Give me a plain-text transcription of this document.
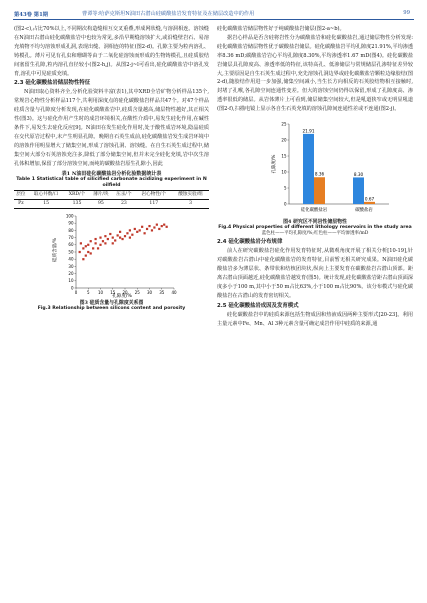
第43卷 第1期	曹谭等:哈萨克斯坦N油田古潜山硅碳酸盐岩发育特征及在储层改造中的作用	99

(图2-c),占比70%以上,不同期次构造缝相互交叉重叠,形成网状缝,与溶洞相连。溶蚀缝在N油田古潜山硅化碳酸盐岩中也较为常见,多沿早期缝溶蚀扩大,或沿缝壁岩石、易溶充填物不均匀溶蚀形成孔洞,表现出缝、洞相连的特征(图2-d)。孔隙主要为粒内溶孔、铸模孔。薄片可见有孔虫和珊瑚等由于二氧化硅溶蚀而形成的生物铸模孔,且硅质胶结间塞留生孔隙,粒内溶孔直径较小(图2-h,j)。从图2-j~l可看出,硅化碳酸盐岩中溶孔发育,溶孔中可见硅质充填。

2.3 硅化碳酸盐岩储层物性特征

N油田取心资料齐全,分析化验资料丰富(表1),其中XRD全岩矿物分析样品135个,常规岩心物性分析样品117个,共利用深度点的硅化碳酸盐岩样品共47个。对47个样品硅质含量与孔隙度分析发现,在硅化碳酸盐岩中,硅质含量越高,储层物性越好,其正相关性(图3)。这与硅化作用产生时的成岩环境相关,在酸性介质中,易发生硅化作用,在碱性条件下,易发生去硅化反应[9]。N油田在发生硅化作用时,处于酸性成岩环境,隐晶硅质在交代原岩过程中,未产生明显孔隙。晚期自石英生成前,硅化碳酸盐岩发生成岩环境中的溶蚀作用明显增大了储集空间,形成了溶蚀孔洞、溶蚀缝。在自生石英生成过程中,储集空间大部分石英溶蚀充注多,降低了部分储集空间,但并未完全硅化充填,岩中次生溶孔体积增加,保留了部分溶蚀空间,而纯的碳酸盐岩原生孔隙小,因此

表1 N油田硅化碳酸盐岩分析化验数据统计表
Table 1 Statistical table of silicified carbonate acidizing experiment in N oilfield
层位	取心井数/口	XRD/个	薄片/块	压汞/个	岩心物性/个	酸蚀实验/组
Pz	15	135	95	23	117	3
0 5 10 15 20 25 30 35 40
0
10
20
30
40
50
60
70
80
90
100
硅质含量/%
孔隙度/%
图3 硅质含量与孔隙度关系图
Fig.3 Relationship between silicons content and porosity

硅化碳酸盐岩储层物性好于纯碳酸盐岩储层(图2-a~b)。

据岩心样品是否含硅将岩性分为碳酸盐岩和硅化碳酸盐岩,通过储层物性分析发现:硅化碳酸盐岩储层物性优于碳酸盐岩储层。硅化碳酸盐岩平均孔隙度21.91%,平均渗透率8.36 mD;碳酸盐岩岩心平均孔隙度8.30%,平均渗透率1.67 mD(图4)。硅化碳酸盐岩储层具孔隙度高、渗透率低的特征,该特高孔、低渗储层与常规储层孔渗特征差异较大,主要原因是自生石英生成过程中,充先溶蚀孔洞边界或硅化碳酸盐岩颗粒边缘胶结(图2-d),随胶结作用进一步加强,储集空间减小,当生长方向相反的石英胶结物相互接触时,封堵了孔喉,各孔隙空间连通性变差。但大的溶蚀空间仍得以保留,形成了孔隙度高、渗透率很低的储层。从岩体薄片上可看到,储层储集空间较大,但是吼道狭窄或无明显吼道(图2-f),扫描电镜上显示各自生石英充填的溶蚀孔隙间连通性差或不连通(图2-j)。

0
5
10
15
20
25
硅化碳酸盐岩	碳酸盐岩
21.91
8.36	8.30
0.67
孔隙度/%
图4 研究区不同岩性储层物性
Fig.4 Physical properties of different lithology reservoirs in the study area
蓝色柱——平均孔隙度/%;红色柱——平均渗透率/mD
2.4 硅化碳酸盐岩分布规律

前人在研究碳酸盐岩硅化作用发育特征时,从微观角度开展了相关分析[10-19],针对碳酸盐岩古潜山中硅化碳酸盐岩的发育特征,目前暂无相关研究成果。N油田硅化碳酸盐岩多为薄层状、条带状和结核团块状,纵向上主要发育在碳酸盐岩古潜山顶部。距离古潜山顶面越近,硅化碳酸盐岩越发育(图5)。统计发现,硅化碳酸盐岩距古潜山顶面深度多小于100 m,其中小于50 m占比63%,小于100 m占比90%。该分布模式与硅化碳酸盐岩在古潜山的发育密切相关。

2.5 硅化碳酸盐岩成因及发育模式

硅化碳酸盐岩中的硅质来源包括生物成因和热液成因两种主要形式[20-23]。利用主量元素中Fe、Mn、Al 3种元素含量可确定成岩作用中硅质的来源,通
